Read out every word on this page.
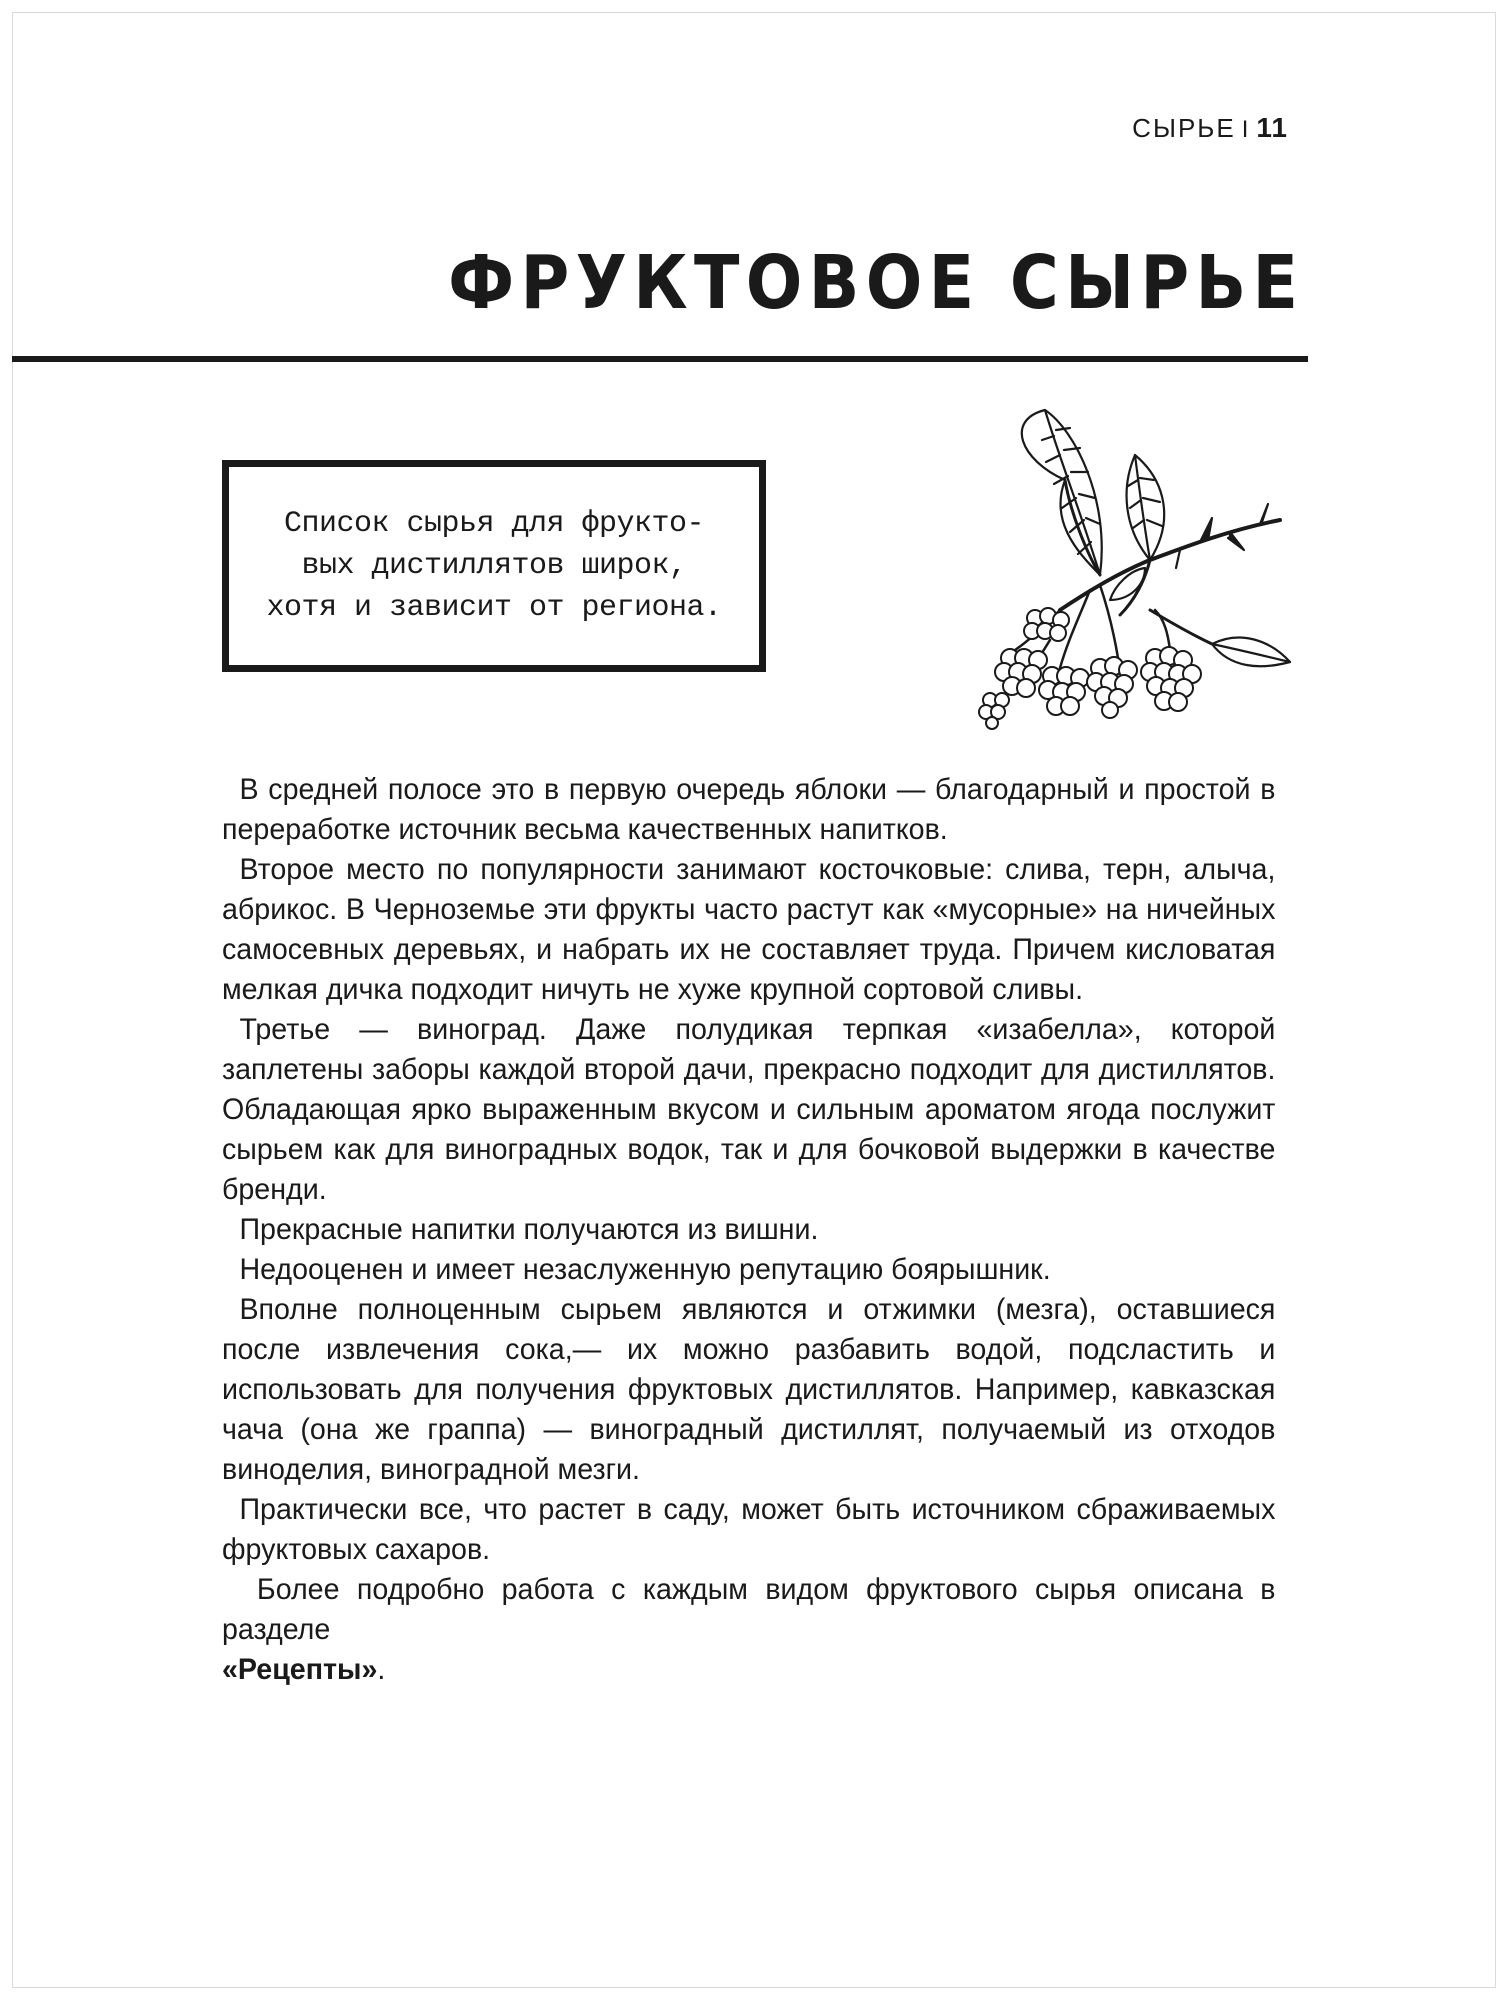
СЫРЬЕ I 11
ФРУКТОВОЕ СЫРЬЕ

Список сырья для фрукто-
вых дистиллятов широк,
хотя и зависит от региона.

В средней полосе это в первую очередь яблоки — благодарный и простой в переработке источник весьма качественных напитков.

Второе место по популярности занимают косточковые: слива, терн, алыча, абрикос. В Черноземье эти фрукты часто растут как «мусорные» на ничейных самосевных деревьях, и набрать их не составляет труда. Причем кисловатая мелкая дичка подходит ничуть не хуже крупной сортовой сливы.

Третье — виноград. Даже полудикая терпкая «изабелла», которой заплетены заборы каждой второй дачи, прекрасно подходит для дистиллятов. Обладающая ярко выраженным вкусом и сильным ароматом ягода послужит сырьем как для виноградных водок, так и для бочковой выдержки в качестве бренди.

Прекрасные напитки получаются из вишни.

Недооценен и имеет незаслуженную репутацию боярышник.

Вполне полноценным сырьем являются и отжимки (мезга), оставшиеся после извлечения сока,— их можно разбавить водой, подсластить и использовать для получения фруктовых дистиллятов. Например, кавказская чача (она же граппа) — виноградный дистиллят, получаемый из отходов виноделия, виноградной мезги.

Практически все, что растет в саду, может быть источником сбраживаемых фруктовых сахаров.

Более подробно работа с каждым видом фруктового сырья описана в разделе
«Рецепты».
